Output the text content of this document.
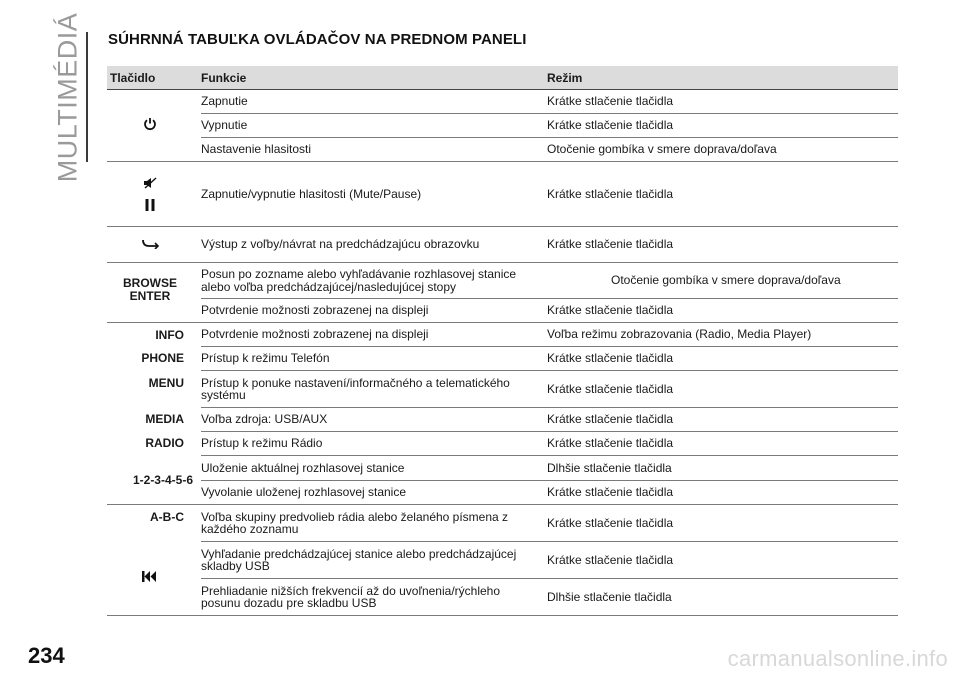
MULTIMÉDIÁ SÚHRNNÁ TABUĽKA OVLÁDAČOV NA PREDNOM PANELI
Tlačidlo	Funkcie	Režim
	Zapnutie	Krátke stlačenie tlačidla
	Vypnutie	Krátke stlačenie tlačidla
	Nastavenie hlasitosti	Otočenie gombíka v smere doprava/doľava

	Zapnutie/vypnutie hlasitosti (Mute/Pause)	Krátke stlačenie tlačidla
	Výstup z voľby/návrat na predchádzajúcu obrazovku	Krátke stlačenie tlačidla
BROWSE ENTER	Posun po zozname alebo vyhľadávanie rozhlasovej stanice alebo voľba predchádzajúcej/nasledujúcej stopy	Otočenie gombíka v smere doprava/doľava
	Potvrdenie možnosti zobrazenej na displeji	Krátke stlačenie tlačidla
INFO	Potvrdenie možnosti zobrazenej na displeji	Voľba režimu zobrazovania (Radio, Media Player)
PHONE	Prístup k režimu Telefón	Krátke stlačenie tlačidla
MENU	Prístup k ponuke nastavení/informačného a telematického systému	Krátke stlačenie tlačidla
MEDIA	Voľba zdroja: USB/AUX	Krátke stlačenie tlačidla
RADIO	Prístup k režimu Rádio	Krátke stlačenie tlačidla
1-2-3-4-5-6	Uloženie aktuálnej rozhlasovej stanice	Dlhšie stlačenie tlačidla
	Vyvolanie uloženej rozhlasovej stanice	Krátke stlačenie tlačidla
A-B-C	Voľba skupiny predvolieb rádia alebo želaného písmena z každého zoznamu	Krátke stlačenie tlačidla
	Vyhľadanie predchádzajúcej stanice alebo predchádzajúcej skladby USB	Krátke stlačenie tlačidla
	Prehliadanie nižších frekvencií až do uvoľnenia/rýchleho posunu dozadu pre skladbu USB	Dlhšie stlačenie tlačidla
234	carmanualsonline.info
